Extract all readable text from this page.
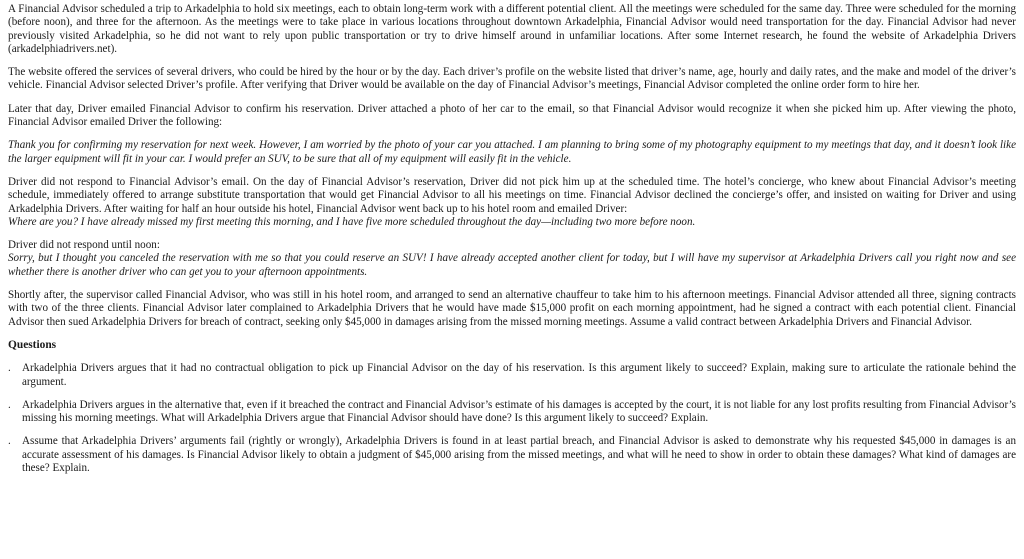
A Financial Advisor scheduled a trip to Arkadelphia to hold six meetings, each to obtain long-term work with a different potential client. All the meetings were scheduled for the same day. Three were scheduled for the morning (before noon), and three for the afternoon. As the meetings were to take place in various locations throughout downtown Arkadelphia, Financial Advisor would need transportation for the day. Financial Advisor had never previously visited Arkadelphia, so he did not want to rely upon public transportation or try to drive himself around in unfamiliar locations. After some Internet research, he found the website of Arkadelphia Drivers (arkadelphiadrivers.net).

The website offered the services of several drivers, who could be hired by the hour or by the day. Each driver’s profile on the website listed that driver’s name, age, hourly and daily rates, and the make and model of the driver’s vehicle. Financial Advisor selected Driver’s profile. After verifying that Driver would be available on the day of Financial Advisor’s meetings, Financial Advisor completed the online order form to hire her.

Later that day, Driver emailed Financial Advisor to confirm his reservation. Driver attached a photo of her car to the email, so that Financial Advisor would recognize it when she picked him up. After viewing the photo, Financial Advisor emailed Driver the following:

Thank you for confirming my reservation for next week. However, I am worried by the photo of your car you attached. I am planning to bring some of my photography equipment to my meetings that day, and it doesn’t look like the larger equipment will fit in your car. I would prefer an SUV, to be sure that all of my equipment will easily fit in the vehicle.

Driver did not respond to Financial Advisor’s email. On the day of Financial Advisor’s reservation, Driver did not pick him up at the scheduled time. The hotel’s concierge, who knew about Financial Advisor’s meeting schedule, immediately offered to arrange substitute transportation that would get Financial Advisor to all his meetings on time. Financial Advisor declined the concierge’s offer, and insisted on waiting for Driver and using Arkadelphia Drivers. After waiting for half an hour outside his hotel, Financial Advisor went back up to his hotel room and emailed Driver:
Where are you? I have already missed my first meeting this morning, and I have five more scheduled throughout the day—including two more before noon.

Driver did not respond until noon:
Sorry, but I thought you canceled the reservation with me so that you could reserve an SUV! I have already accepted another client for today, but I will have my supervisor at Arkadelphia Drivers call you right now and see whether there is another driver who can get you to your afternoon appointments.

Shortly after, the supervisor called Financial Advisor, who was still in his hotel room, and arranged to send an alternative chauffeur to take him to his afternoon meetings. Financial Advisor attended all three, signing contracts with two of the three clients. Financial Advisor later complained to Arkadelphia Drivers that he would have made $15,000 profit on each morning appointment, had he signed a contract with each potential client. Financial Advisor then sued Arkadelphia Drivers for breach of contract, seeking only $45,000 in damages arising from the missed morning meetings. Assume a valid contract between Arkadelphia Drivers and Financial Advisor.

Questions
.	Arkadelphia Drivers argues that it had no contractual obligation to pick up Financial Advisor on the day of his reservation. Is this argument likely to succeed? Explain, making sure to articulate the rationale behind the argument.
.	Arkadelphia Drivers argues in the alternative that, even if it breached the contract and Financial Advisor’s estimate of his damages is accepted by the court, it is not liable for any lost profits resulting from Financial Advisor’s missing his morning meetings. What will Arkadelphia Drivers argue that Financial Advisor should have done? Is this argument likely to succeed? Explain.
.	Assume that Arkadelphia Drivers’ arguments fail (rightly or wrongly), Arkadelphia Drivers is found in at least partial breach, and Financial Advisor is asked to demonstrate why his requested $45,000 in damages is an accurate assessment of his damages. Is Financial Advisor likely to obtain a judgment of $45,000 arising from the missed meetings, and what will he need to show in order to obtain these damages? What kind of damages are these? Explain.
